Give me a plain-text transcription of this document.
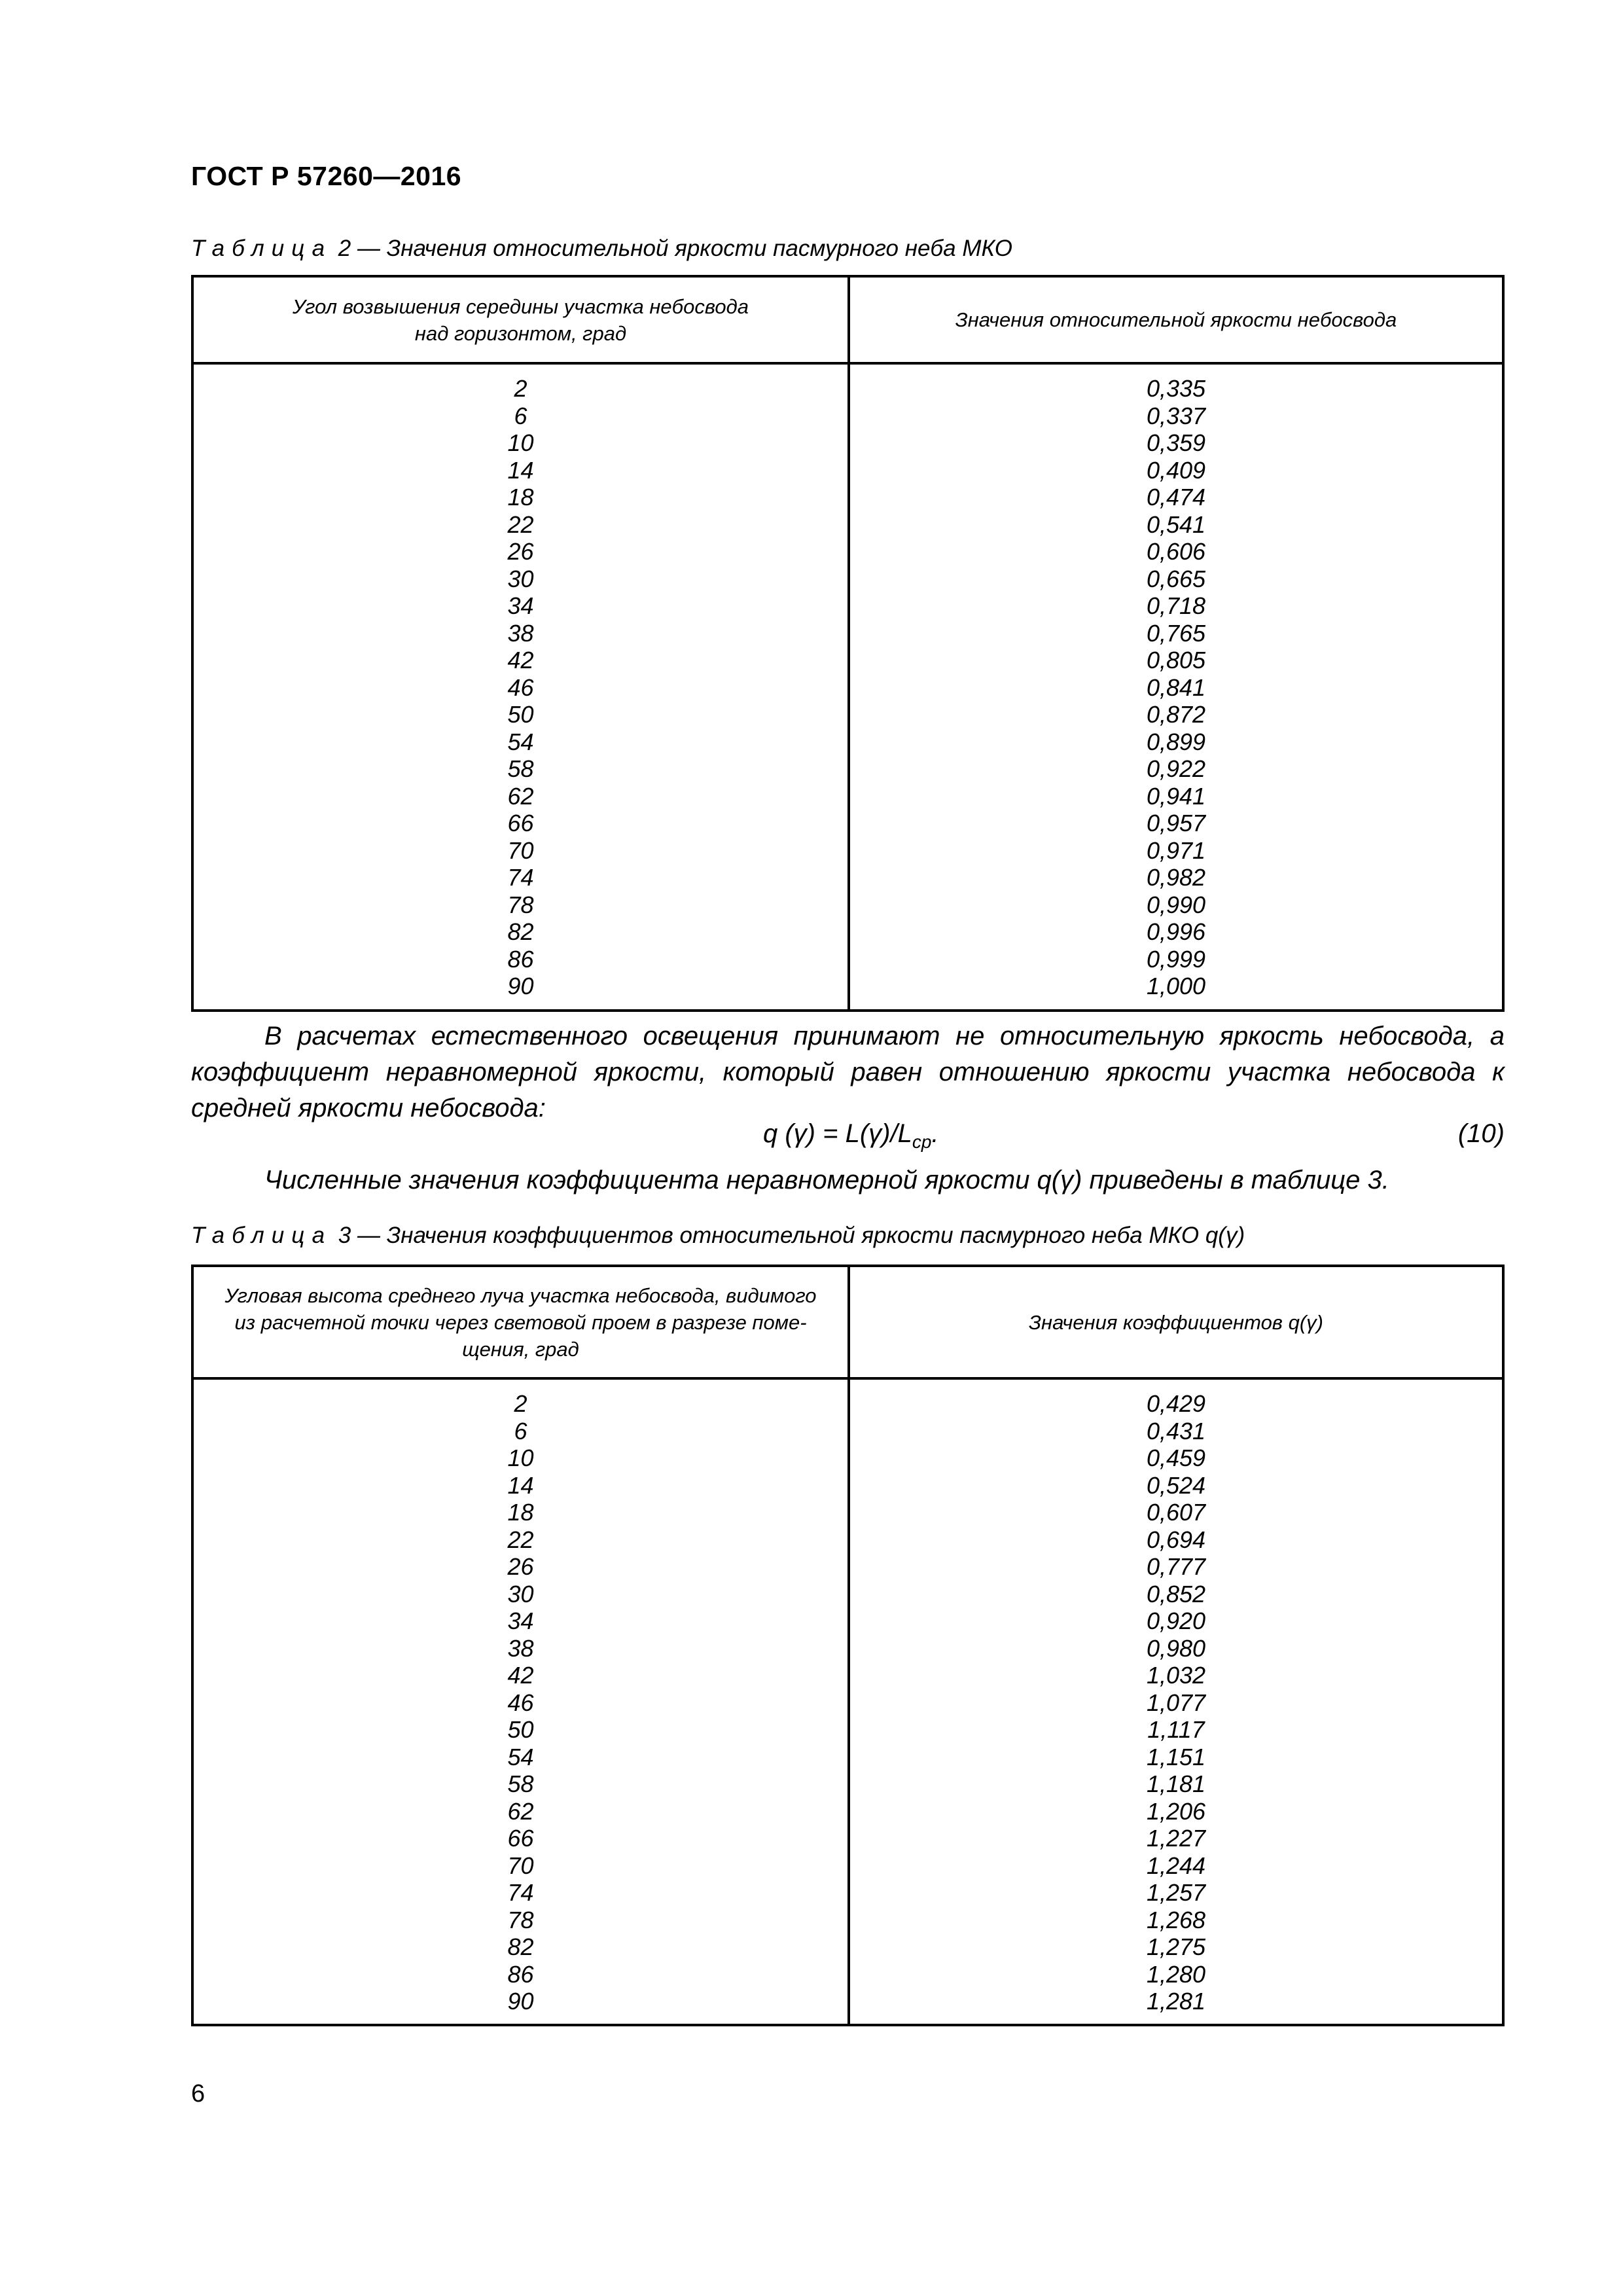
ГОСТ Р 57260—2016
Таблица 2 — Значения относительной яркости пасмурного неба МКО
Угол возвышения середины участка небосвода
над горизонтом, град
Значения относительной яркости небосвода
2
6
10
14
18
22
26
30
34
38
42
46
50
54
58
62
66
70
74
78
82
86
90
0,335
0,337
0,359
0,409
0,474
0,541
0,606
0,665
0,718
0,765
0,805
0,841
0,872
0,899
0,922
0,941
0,957
0,971
0,982
0,990
0,996
0,999
1,000
В расчетах естественного освещения принимают не относительную яркость небосвода, а коэффициент неравномерной яркости, который равен отношению яркости участка небосвода к средней яркости небосвода:
q $(\gamma) = L(\gamma)/L_{ср}$.	(10)
Численные значения коэффициента неравномерной яркости q(γ) приведены в таблице 3.
Таблица 3 — Значения коэффициентов относительной яркости пасмурного неба МКО q(γ)
Угловая высота среднего луча участка небосвода, видимого
из расчетной точки через световой проем в разрезе поме-
щения, град
Значения коэффициентов q(γ)
2
6
10
14
18
22
26
30
34
38
42
46
50
54
58
62
66
70
74
78
82
86
90
0,429
0,431
0,459
0,524
0,607
0,694
0,777
0,852
0,920
0,980
1,032
1,077
1,117
1,151
1,181
1,206
1,227
1,244
1,257
1,268
1,275
1,280
1,281
6
